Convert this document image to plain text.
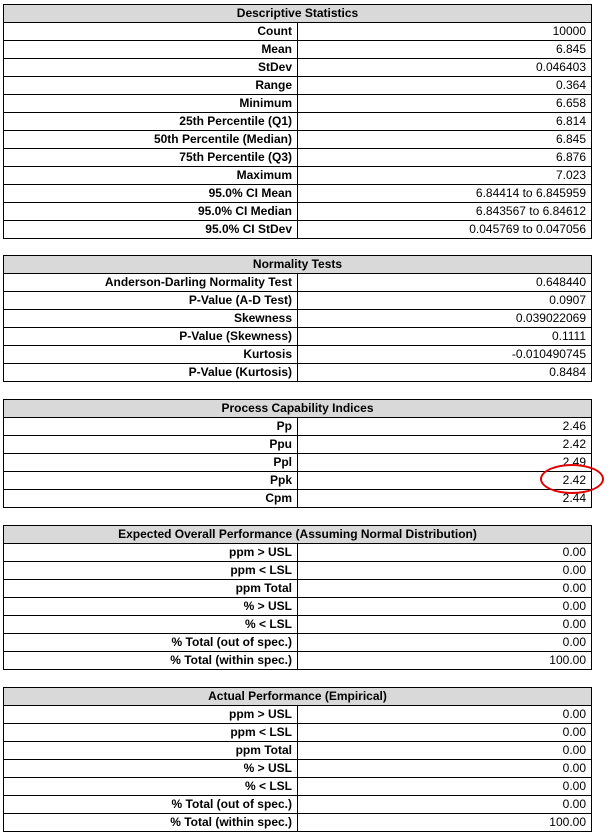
Descriptive Statistics	
Count	10000
Mean	6.845
StDev	0.046403
Range	0.364
Minimum	6.658
25th Percentile (Q1)	6.814
50th Percentile (Median)	6.845
75th Percentile (Q3)	6.876
Maximum	7.023
95.0% CI Mean	6.84414 to 6.845959
95.0% CI Median	6.843567 to 6.84612
95.0% CI StDev	0.045769 to 0.047056
Normality Tests	
Anderson-Darling Normality Test	0.648440
P-Value (A-D Test)	0.0907
Skewness	0.039022069
P-Value (Skewness)	0.1111
Kurtosis	-0.010490745
P-Value (Kurtosis)	0.8484
Process Capability Indices	
Pp	2.46
Ppu	2.42
Ppl	2.49
Ppk	2.42
Cpm	2.44
Expected Overall Performance (Assuming Normal Distribution)	
ppm > USL	0.00
ppm < LSL	0.00
ppm Total	0.00
% > USL	0.00
% < LSL	0.00
% Total (out of spec.)	0.00
% Total (within spec.)	100.00
Actual Performance (Empirical)	
ppm > USL	0.00
ppm < LSL	0.00
ppm Total	0.00
% > USL	0.00
% < LSL	0.00
% Total (out of spec.)	0.00
% Total (within spec.)	100.00
